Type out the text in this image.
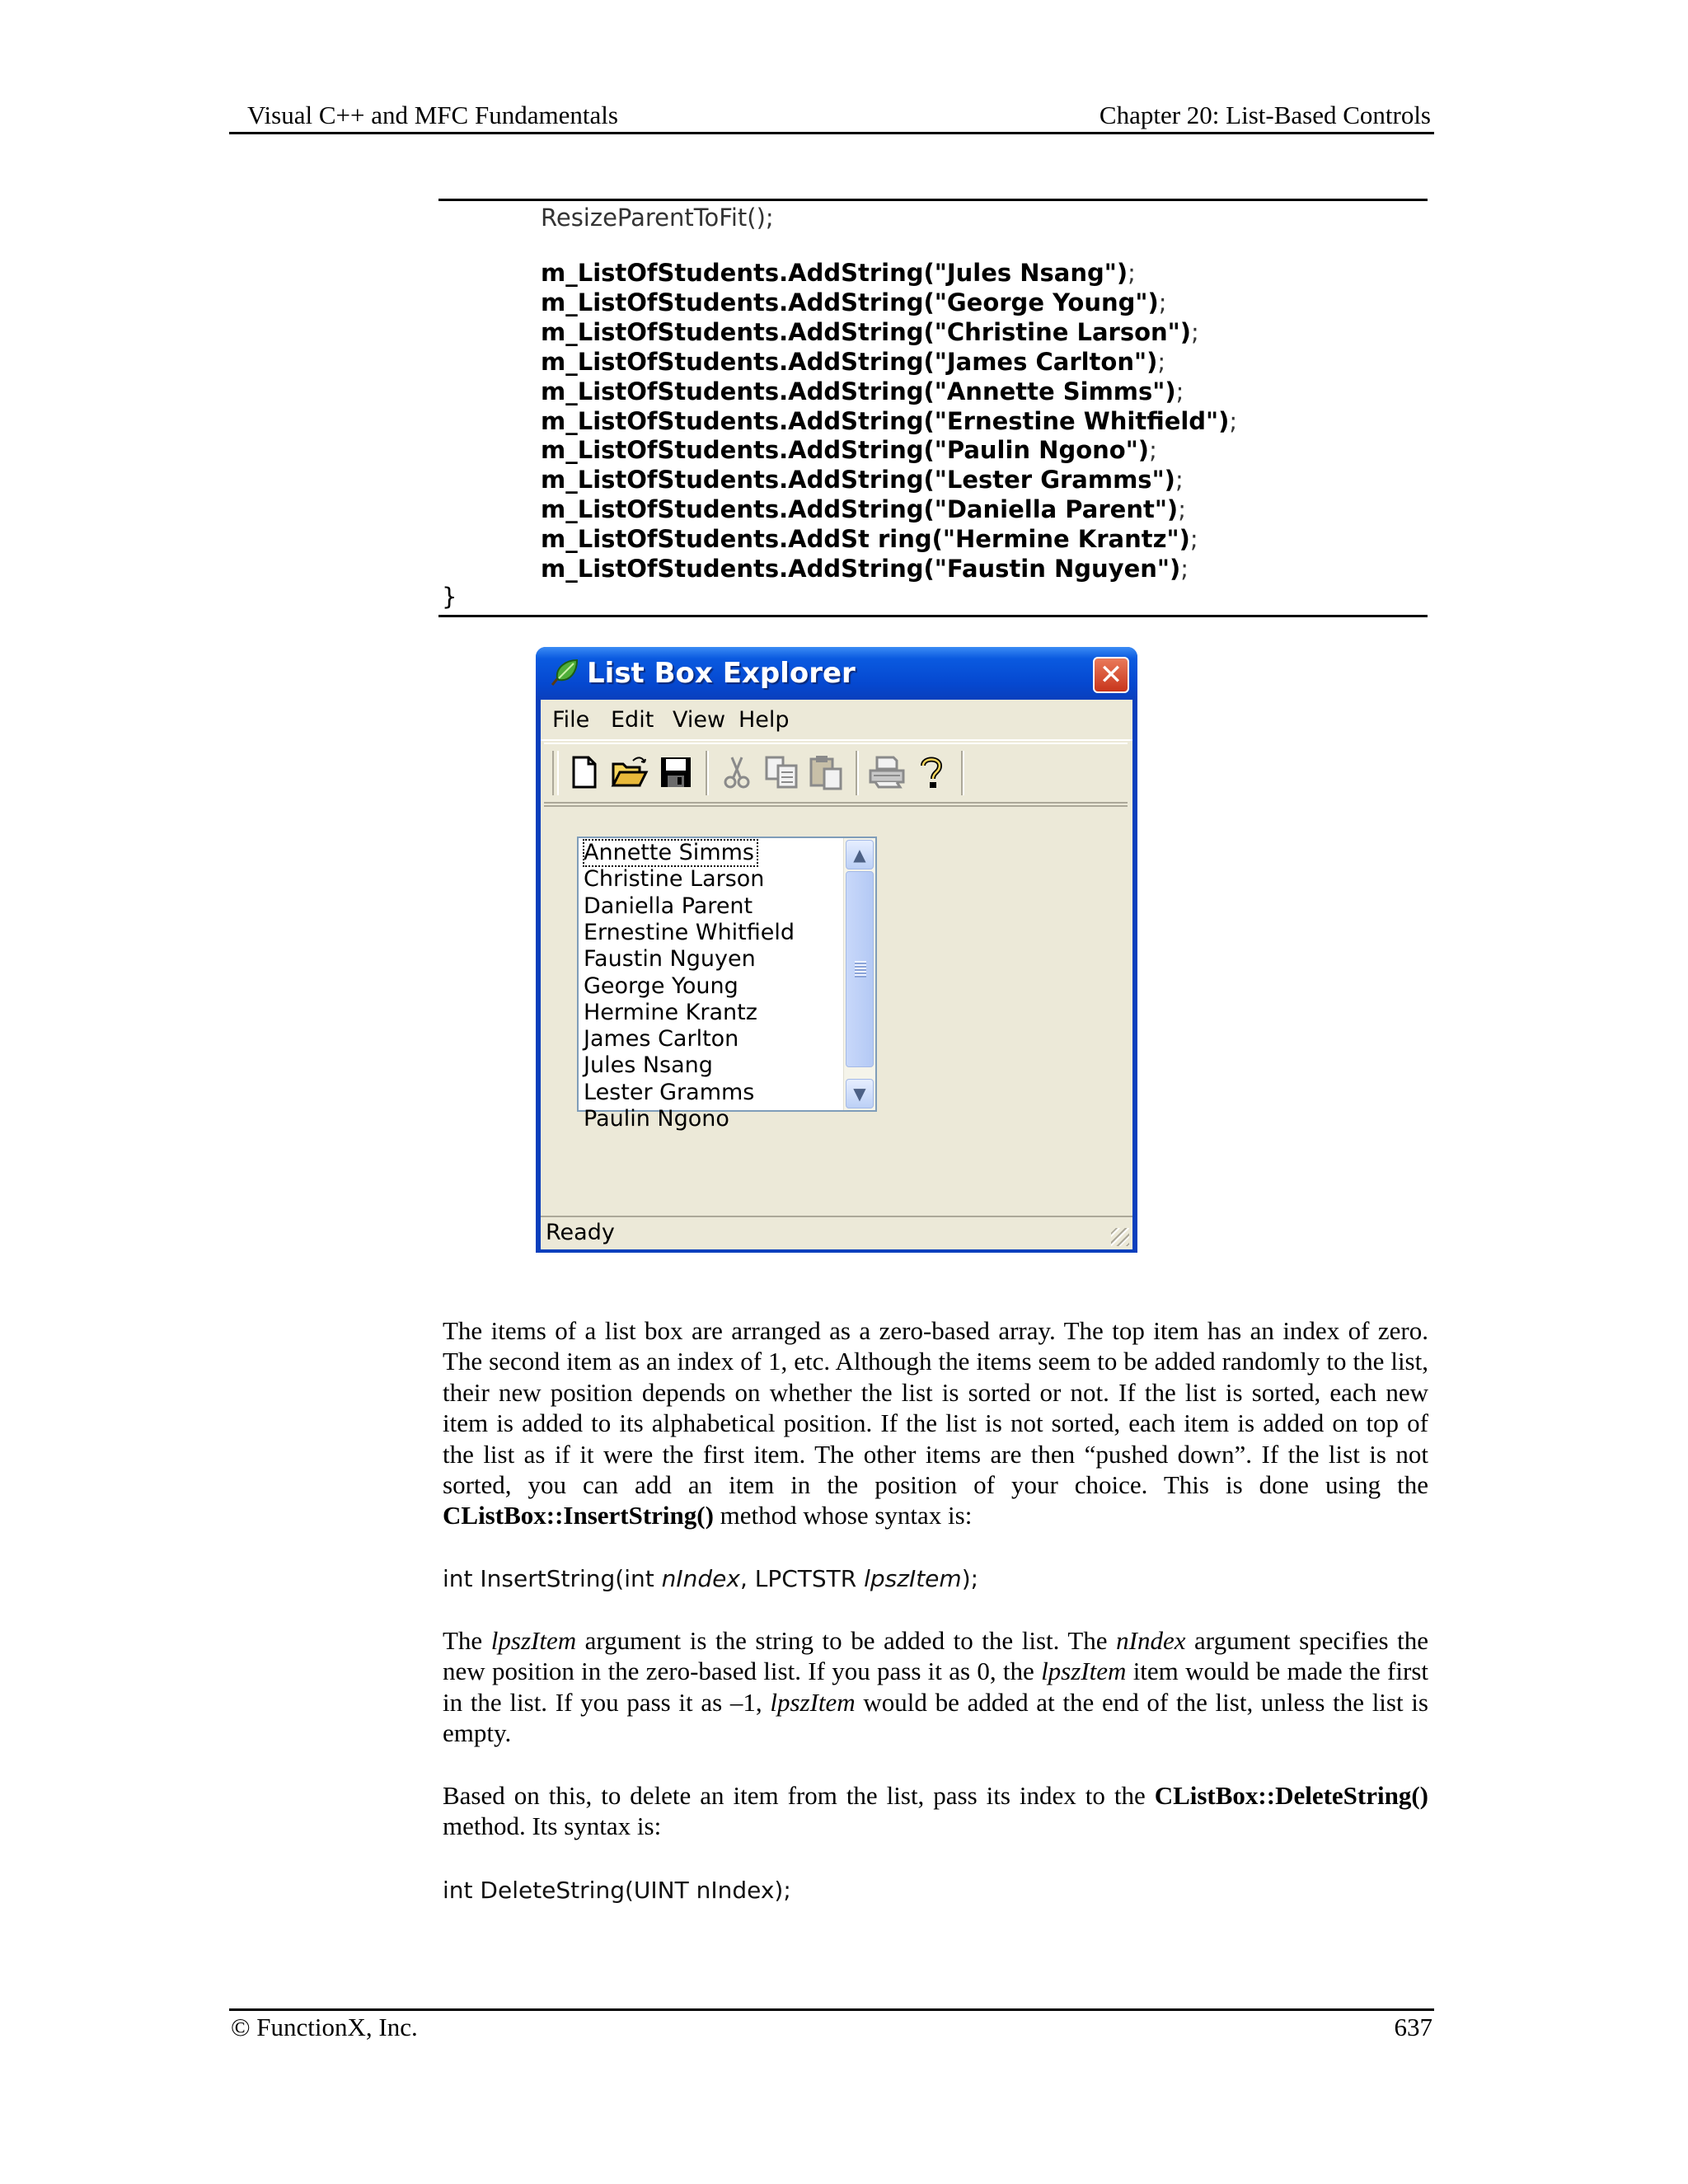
Visual C++ and MFC Fundamentals	Chapter 20: List-Based Controls
ResizeParentToFit();
m_ListOfStudents.AddString("Jules Nsang");
m_ListOfStudents.AddString("George Young");
m_ListOfStudents.AddString("Christine Larson");
m_ListOfStudents.AddString("James Carlton");
m_ListOfStudents.AddString("Annette Simms");
m_ListOfStudents.AddString("Ernestine Whitfield");
m_ListOfStudents.AddString("Paulin Ngono");
m_ListOfStudents.AddString("Lester Gramms");
m_ListOfStudents.AddString("Daniella Parent");
m_ListOfStudents.AddSt ring("Hermine Krantz");
m_ListOfStudents.AddString("Faustin Nguyen");
}
List Box Explorer	✕
File Edit View Help
Annette Simms
Christine Larson
Daniella Parent
Ernestine Whitfield
Faustin Nguyen
George Young
Hermine Krantz
James Carlton
Jules Nsang
Lester Gramms
Paulin Ngono
▲
▼
Ready
The items of a list box are arranged as a zero-based array. The top item has an index of zero. The second item as an index of 1, etc. Although the items seem to be added randomly to the list, their new position depends on whether the list is sorted or not. If the list is sorted, each new item is added to its alphabetical position. If the list is not sorted, each item is added on top of the list as if it were the first item. The other items are then “pushed down”. If the list is not sorted, you can add an item in the position of your choice. This is done using the CListBox::InsertString() method whose syntax is:
int InsertString(int nIndex, LPCTSTR lpszItem);
The lpszItem argument is the string to be added to the list. The nIndex argument specifies the new position in the zero-based list. If you pass it as 0, the lpszItem item would be made the first in the list. If you pass it as –1, lpszItem would be added at the end of the list, unless the list is empty.
Based on this, to delete an item from the list, pass its index to the CListBox::DeleteString() method. Its syntax is:
int DeleteString(UINT nIndex);
© FunctionX, Inc.	637
